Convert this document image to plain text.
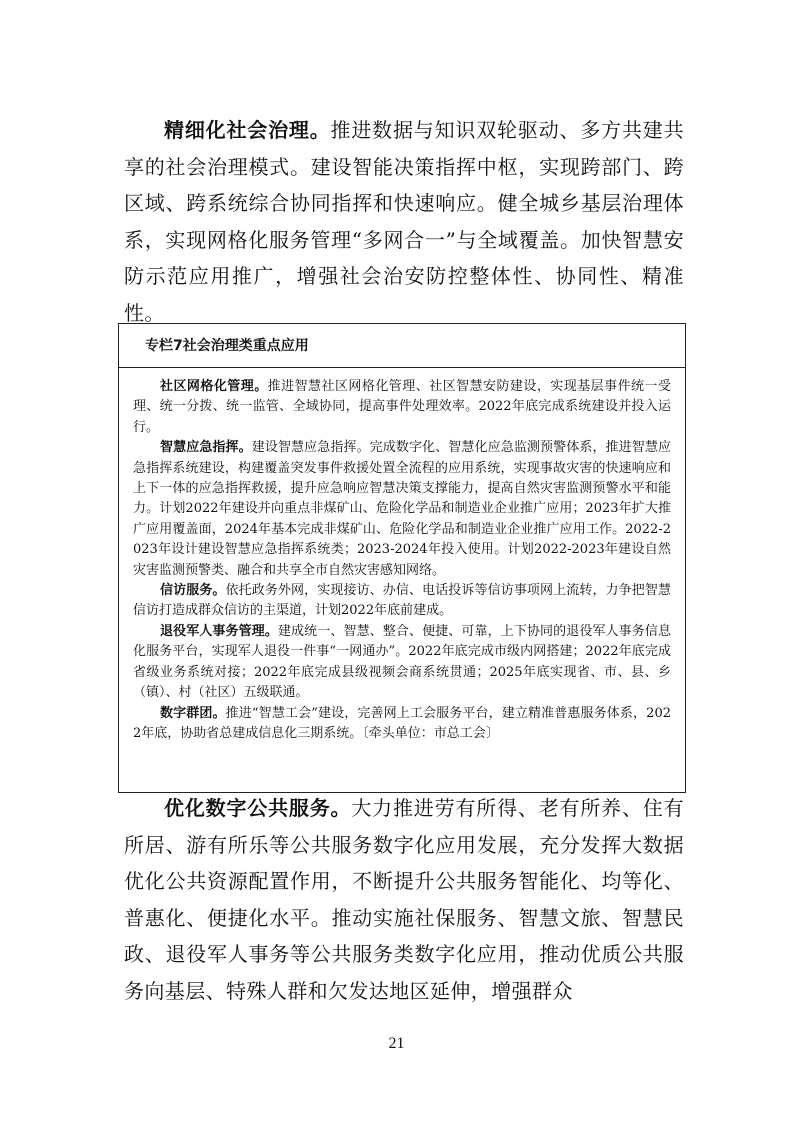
精细化社会治理。推进数据与知识双轮驱动、多方共建共享的社会治理模式。建设智能决策指挥中枢，实现跨部门、跨区域、跨系统综合协同指挥和快速响应。健全城乡基层治理体系，实现网格化服务管理“多网合一”与全域覆盖。加快智慧安防示范应用推广，增强社会治安防控整体性、协同性、精准性。

专栏7社会治理类重点应用

社区网格化管理。推进智慧社区网格化管理、社区智慧安防建设，实现基层事件统一受理、统一分拨、统一监管、全域协同，提高事件处理效率。2022年底完成系统建设并投入运行。

智慧应急指挥。建设智慧应急指挥。完成数字化、智慧化应急监测预警体系，推进智慧应急指挥系统建设，构建覆盖突发事件救援处置全流程的应用系统，实现事故灾害的快速响应和上下一体的应急指挥救援，提升应急响应智慧决策支撑能力，提高自然灾害监测预警水平和能力。计划2022年建设并向重点非煤矿山、危险化学品和制造业企业推广应用；2023年扩大推广应用覆盖面，2024年基本完成非煤矿山、危险化学品和制造业企业推广应用工作。2022-2023年设计建设智慧应急指挥系统类；2023-2024年投入使用。计划2022-2023年建设自然灾害监测预警类、融合和共享全市自然灾害感知网络。

信访服务。依托政务外网，实现接访、办信、电话投诉等信访事项网上流转，力争把智慧信访打造成群众信访的主渠道，计划2022年底前建成。

退役军人事务管理。建成统一、智慧、整合、便捷、可靠，上下协同的退役军人事务信息化服务平台，实现军人退役一件事“一网通办”。2022年底完成市级内网搭建；2022年底完成省级业务系统对接；2022年底完成县级视频会商系统贯通；2025年底实现省、市、县、乡（镇）、村（社区）五级联通。

数字群团。推进“智慧工会”建设，完善网上工会服务平台，建立精准普惠服务体系，2022年底，协助省总建成信息化三期系统。〔牵头单位：市总工会〕

优化数字公共服务。大力推进劳有所得、老有所养、住有所居、游有所乐等公共服务数字化应用发展，充分发挥大数据优化公共资源配置作用，不断提升公共服务智能化、均等化、普惠化、便捷化水平。推动实施社保服务、智慧文旅、智慧民政、退役军人事务等公共服务类数字化应用，推动优质公共服务向基层、特殊人群和欠发达地区延伸，增强群众

21
